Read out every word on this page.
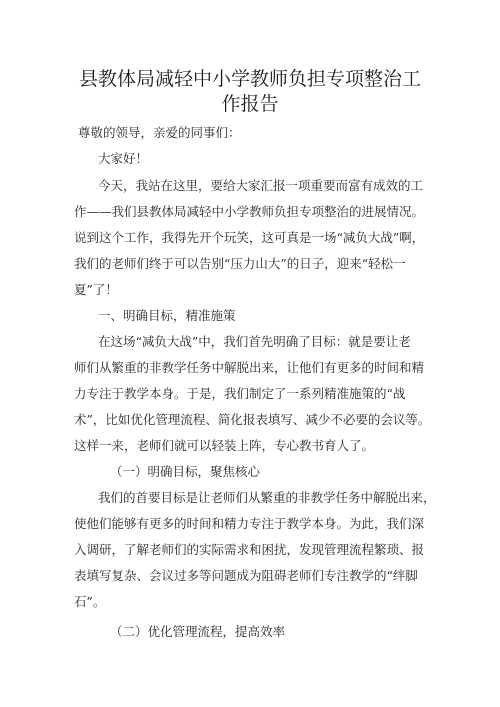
县教体局减轻中小学教师负担专项整治工
作报告
尊敬的领导，亲爱的同事们：
大家好！
今天，我站在这里，要给大家汇报一项重要而富有成效的工
作——我们县教体局减轻中小学教师负担专项整治的进展情况。
说到这个工作，我得先开个玩笑，这可真是一场“减负大战”啊，
我们的老师们终于可以告别“压力山大”的日子，迎来“轻松一
夏”了！
一、明确目标，精准施策
在这场“减负大战”中，我们首先明确了目标：就是要让老
师们从繁重的非教学任务中解脱出来，让他们有更多的时间和精
力专注于教学本身。于是，我们制定了一系列精准施策的“战
术”，比如优化管理流程、简化报表填写、减少不必要的会议等。
这样一来，老师们就可以轻装上阵，专心教书育人了。
（一）明确目标，聚焦核心
我们的首要目标是让老师们从繁重的非教学任务中解脱出来，
使他们能够有更多的时间和精力专注于教学本身。为此，我们深
入调研，了解老师们的实际需求和困扰，发现管理流程繁琐、报
表填写复杂、会议过多等问题成为阻碍老师们专注教学的“绊脚
石”。
（二）优化管理流程，提高效率
